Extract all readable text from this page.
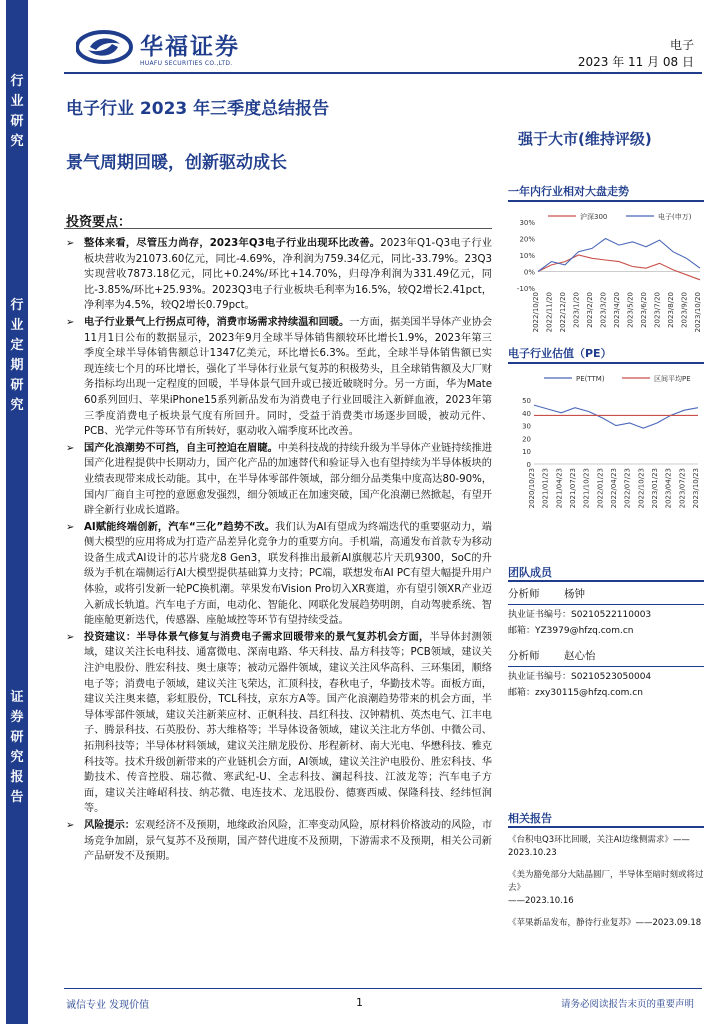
行
业
研
究
行
业
定
期
研
究
证
券
研
究
报
告
华福证券
HUAFU SECURITIES CO.,LTD.
电子
2023 年 11 月 08 日
电子行业 2023 年三季度总结报告
景气周期回暖，创新驱动成长
强于大市(维持评级)
投资要点：
➢ 整体来看，尽管压力尚存，2023年Q3电子行业出现环比改善。2023年Q1-Q3电子行业板块营收为21073.60亿元，同比-4.69%，净利润为759.34亿元，同比-33.79%。23Q3实现营收7873.18亿元，同比+0.24%/环比+14.70%，归母净利润为331.49亿元，同比-3.85%/环比+25.93%。2023Q3电子行业板块毛利率为16.5%，较Q2增长2.41pct，净利率为4.5%，较Q2增长0.79pct。
➢ 电子行业景气上行拐点可待，消费市场需求持续温和回暖。一方面，据美国半导体产业协会11月1日公布的数据显示，2023年9月全球半导体销售额较环比增长1.9%，2023年第三季度全球半导体销售额总计1347亿美元，环比增长6.3%。至此，全球半导体销售额已实现连续七个月的环比增长，强化了半导体行业景气复苏的积极势头，且全球销售额及大厂财务指标均出现一定程度的回暖，半导体景气回升或已接近破晓时分。另一方面，华为Mate 60系列回归、苹果iPhone15系列新品发布为消费电子行业回暖注入新鲜血液，2023年第三季度消费电子板块景气度有所回升。同时，受益于消费类市场逐步回暖，被动元件、PCB、光学元件等环节有所转好，驱动收入端季度环比改善。
➢ 国产化浪潮势不可挡，自主可控迫在眉睫。中美科技战的持续升级为半导体产业链持续推进国产化进程提供中长期动力，国产化产品的加速替代和验证导入也有望持续为半导体板块的业绩表现带来成长动能。其中，在半导体零部件领域，部分细分品类集中度高达80-90%，国内厂商自主可控的意愿愈发强烈，细分领域正在加速突破，国产化浪潮已然掀起，有望开辟全新行业成长道路。
➢ AI赋能终端创新，汽车“三化”趋势不改。我们认为AI有望成为终端迭代的重要驱动力，端侧大模型的应用将成为打造产品差异化竞争力的重要方向。手机端，高通发布首款专为移动设备生成式AI设计的芯片骁龙8 Gen3，联发科推出最新AI旗舰芯片天玑9300，SoC的升级为手机在端侧运行AI大模型提供基础算力支持；PC端，联想发布AI PC有望大幅提升用户体验，或将引发新一轮PC换机潮。苹果发布Vision Pro切入XR赛道，亦有望引领XR产业迈入新成长轨道。汽车电子方面，电动化、智能化、网联化发展趋势明朗，自动驾驶系统、智能座舱更新迭代，传感器、座舱域控等环节有望持续受益。
➢ 投资建议：半导体景气修复与消费电子需求回暖带来的景气复苏机会方面，半导体封测领域，建议关注长电科技、通富微电、深南电路、华天科技、晶方科技等；PCB领域，建议关注沪电股份、胜宏科技、奥士康等；被动元器件领域，建议关注风华高科、三环集团，顺络电子等；消费电子领域，建议关注飞荣达，汇顶科技，春秋电子，华勤技术等。面板方面，建议关注奥来德，彩虹股份，TCL科技，京东方A等。国产化浪潮趋势带来的机会方面，半导体零部件领域，建议关注新莱应材、正帆科技、昌红科技、汉钟精机、英杰电气、江丰电子、腾景科技、石英股份、苏大维格等；半导体设备领域，建议关注北方华创、中微公司、拓荆科技等；半导体材料领域，建议关注鼎龙股份、彤程新材、南大光电、华懋科技、雅克科技等。技术升级创新带来的产业链机会方面，AI领域，建议关注沪电股份、胜宏科技、华勤技术、传音控股、瑞芯微、寒武纪-U、全志科技、澜起科技、江波龙等；汽车电子方面，建议关注峰岹科技、纳芯微、电连技术、龙迅股份、德赛西威、保隆科技、经纬恒润等。
➢ 风险提示：宏观经济不及预期，地缘政治风险，汇率变动风险，原材料价格波动的风险，市场竞争加剧，景气复苏不及预期，国产替代进度不及预期，下游需求不及预期，相关公司新产品研发不及预期。
一年内行业相对大盘走势
沪深300	电子(申万)
30%
20%
10%
0%
-10%
2022/10/20 2022/11/20 2022/12/20 2023/1/20 2023/2/20 2023/3/20 2023/4/20 2023/5/20 2023/6/20 2023/7/20 2023/8/20 2023/9/20 2023/10/20
电子行业估值（PE）
PE(TTM)	区间平均PE
50
40
30
20
10
0
2020/10/23 2021/01/23 2021/04/23 2021/07/23 2021/10/23 2022/01/23 2022/04/23 2022/07/23 2022/10/23 2023/01/23 2023/04/23 2023/07/23 2023/10/23
团队成员
分析师 杨钟
执业证书编号：S0210522110003
邮箱：YZ3979@hfzq.com.cn
分析师 赵心怡
执业证书编号：S0210523050004
邮箱：zxy30115@hfzq.com.cn
相关报告

《台积电Q3环比回暖，关注AI边缘侧需求》——
2023.10.23

《美为豁免部分大陆晶圆厂，半导体至暗时刻或将过去》
——2023.10.16

《苹果新品发布，静待行业复苏》——2023.09.18

诚信专业 发现价值	1	请务必阅读报告末页的重要声明
